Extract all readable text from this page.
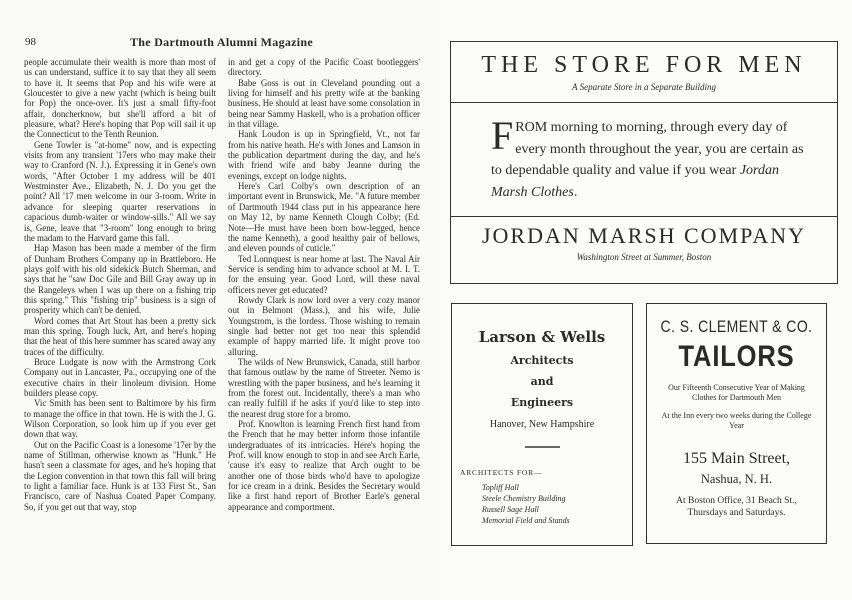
98	The Dartmouth Alumni Magazine

people accumulate their wealth is more than most of us can understand, suffice it to say that they all seem to have it. It seems that Pop and his wife were at Gloucester to give a new yacht (which is being built for Pop) the once-over. It's just a small fifty-foot affair, doncherknow, but she'll afford a bit of pleasure, what? Here's hoping that Pop will sail it up the Connecticut to the Tenth Reunion.

Gene Towler is "at-home" now, and is expecting visits from any transient '17ers who may make their way to Cranford (N. J.). Expressing it in Gene's own words, "After October 1 my address will be 401 Westminster Ave., Elizabeth, N. J. Do you get the point? All '17 men welcome in our 3-room. Write in advance for sleeping quarter reservations in capacious dumb-waiter or window-sills." All we say is, Gene, leave that "3-room" long enough to bring the madam to the Harvard game this fall.

Hap Mason has been made a member of the firm of Dunham Brothers Company up in Brattleboro. He plays golf with his old sidekick Butch Sherman, and says that he "saw Doc Gile and Bill Gray away up in the Rangeleys when I was up there on a fishing trip this spring." This "fishing trip" business is a sign of prosperity which can't be denied.

Word comes that Art Stout has been a pretty sick man this spring. Tough luck, Art, and here's hoping that the heat of this here summer has scared away any traces of the difficulty.

Bruce Ludgate is now with the Armstrong Cork Company out in Lancaster, Pa., occupying one of the executive chairs in their linoleum division. Home builders please copy.

Vic Smith has been sent to Baltimore by his firm to manage the office in that town. He is with the J. G. Wilson Corporation, so look him up if you ever get down that way.

Out on the Pacific Coast is a lonesome '17er by the name of Stillman, otherwise known as "Hunk." He hasn't seen a classmate for ages, and he's hoping that the Legion convention in that town this fall will bring to light a familiar face. Hunk is at 133 First St., San Francisco, care of Nashua Coated Paper Company. So, if you get out that way, stop

in and get a copy of the Pacific Coast bootleggers' directory.

Babe Goss is out in Cleveland pounding out a living for himself and his pretty wife at the banking business. He should at least have some consolation in being near Sammy Haskell, who is a probation officer in that village.

Hank Loudon is up in Springfield, Vt., not far from his native heath. He's with Jones and Lamson in the publication department during the day, and he's with friend wife and baby Jeanne during the evenings, except on lodge nights.

Here's Carl Colby's own description of an important event in Brunswick, Me. "A future member of Dartmouth 1944 class put in his appearance here on May 12, by name Kenneth Clough Colby; (Ed. Note—He must have been born bow-legged, hence the name Kenneth), a good healthy pair of bellows, and eleven pounds of cuticle."

Ted Lonnquest is near home at last. The Naval Air Service is sending him to advance school at M. I. T. for the ensuing year. Good Lord, will these naval officers never get educated?

Rowdy Clark is now lord over a very cozy manor out in Belmont (Mass.), and his wife, Julie Youngstrom, is the lordess. Those wishing to remain single had better not get too near this splendid example of happy married life. It might prove too alluring.

The wilds of New Brunswick, Canada, still harbor that famous outlaw by the name of Streeter. Nemo is wrestling with the paper business, and he's learning it from the forest out. Incidentally, there's a man who can really fulfill if he asks if you'd like to step into the nearest drug store for a bromo.

Prof. Knowlton is learning French first hand from the French that he may better inform those infantile undergraduates of its intricacies. Here's hoping the Prof. will know enough to stop in and see Arch Earle, 'cause it's easy to realize that Arch ought to be another one of those birds who'd have to apologize for ice cream in a drink. Besides the Secretary would like a first hand report of Brother Earle's general appearance and comportment.

THE STORE FOR MEN
A Separate Store in a Separate Building
FROM morning to morning, through every day of every month throughout the year, you are certain as to dependable quality and value if you wear Jordan Marsh Clothes.
JORDAN MARSH COMPANY
Washington Street at Summer, Boston
Larson & Wells
Architects
and
Engineers
Hanover, New Hampshire
ARCHITECTS FOR—
Topliff Hall
Steele Chemistry Building
Russell Sage Hall
Memorial Field and Stands
C. S. CLEMENT & CO.
TAILORS
Our Fifteenth Consecutive Year of Making Clothes for Dartmouth Men
At the Inn every two weeks during the College Year
155 Main Street,
Nashua, N. H.
At Boston Office, 31 Beach St.,
Thursdays and Saturdays.
